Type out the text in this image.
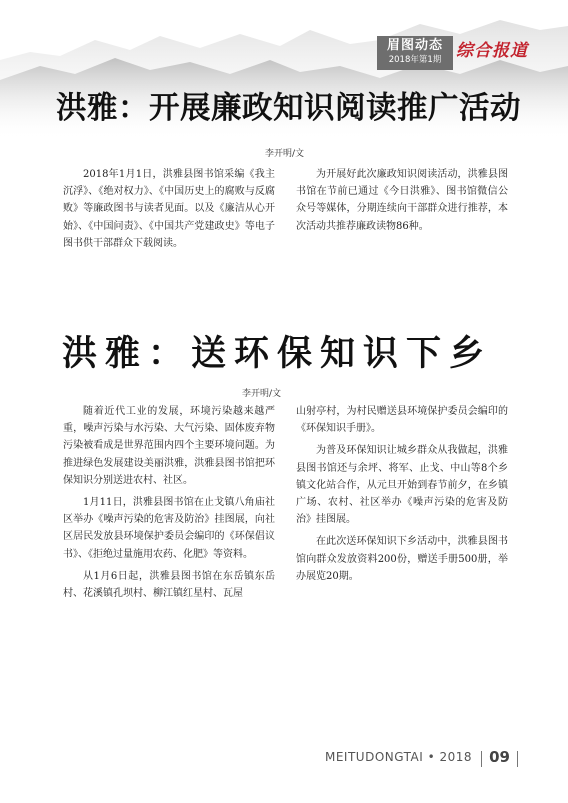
眉图动态
2018年第1期 综合报道
洪雅：开展廉政知识阅读推广活动
李开明/文

2018年1月1日，洪雅县图书馆采编《我主沉浮》、《绝对权力》、《中国历史上的腐败与反腐败》等廉政图书与读者见面。以及《廉洁从心开始》、《中国问责》、《中国共产党建政史》等电子图书供干部群众下载阅读。

为开展好此次廉政知识阅读活动，洪雅县图书馆在节前已通过《今日洪雅》、图书馆微信公众号等媒体，分期连续向干部群众进行推荐，本次活动共推荐廉政读物86种。

洪雅：送环保知识下乡
李开明/文

随着近代工业的发展，环境污染越来越严重，噪声污染与水污染、大气污染、固体废弃物污染被看成是世界范围内四个主要环境问题。为推进绿色发展建设美丽洪雅，洪雅县图书馆把环保知识分别送进农村、社区。

1月11日，洪雅县图书馆在止戈镇八角庙社区举办《噪声污染的危害及防治》挂图展，向社区居民发放县环境保护委员会编印的《环保倡议书》、《拒绝过量施用农药、化肥》等资料。

从1月6日起，洪雅县图书馆在东岳镇东岳村、花溪镇孔坝村、柳江镇红星村、瓦屋

山射亭村，为村民赠送县环境保护委员会编印的《环保知识手册》。

为普及环保知识让城乡群众从我做起，洪雅县图书馆还与余坪、将军、止戈、中山等8个乡镇文化站合作，从元旦开始到春节前夕，在乡镇广场、农村、社区举办《噪声污染的危害及防治》挂图展。

在此次送环保知识下乡活动中，洪雅县图书馆向群众发放资料200份，赠送手册500册，举办展览20期。

MEITUDONGTAI • 2018 09
